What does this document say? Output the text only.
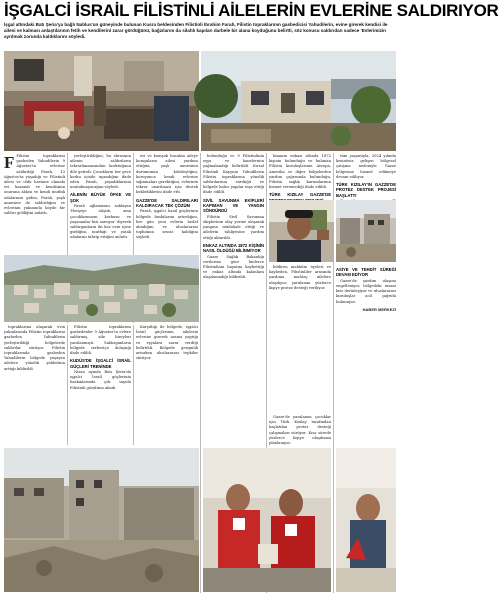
İŞGALCİ İSRAİL FİLİSTİNLİ AİLELERİN EVLERİNE SALDIRIYOR
İşgal altındaki Batı Şeria'ya bağlı Nablus'un güneyinde bulunan Kusra beldesinden Filistinli Ibrahim Farah, Filistin topraklarının gasbedicisi Yahudilerin, evine girerek kendisi ile ailesi ve kalması anlaştılarının fetih ve kendilerini zarar gördüğünü, bağzılarını da silahlı kapıları darbele bir alana koyduğunu belirtti, söz konusu saldırıdan sadece 'Evlerimizin ayrılmak zorunda kaldıklarını söyledi.

F Filistin topraklarını gasbeden Yahudilerin 9 Ağustos'ta evlerine saldırdığı Farah, 13 Ağustos'ta yaşadığı ve Filistinli ailesi ve oldu hastane olanakı evi kazandı ve kendisinin onuruna ablası ve kendi mutfak odalarının giden, Farah, yaşlı annesine de saldırdığını ve evlerinin yakınında köyde bir saldırı geldiğini anlattı.

yerleştirildiğini, bu ekrasının ailenin saldırıların tekrarlanmasından korktuğunu dile getirdi. Çocukların her gece korku içinde uyandığını ifade eden Farah, yaşadıklarının unutulmayacağını söyledi.

AİLENİN BÜYÜK ÖFKE VE ŞOK

Farah ağlamasını saklayan 'Herşeye alıştık, ama çocuklarımızın korkusu ve yaşananlar bizi sarsıyor' diyerek saldırganların iki kez evin içine girdiğini, mutfağı ve yatak odalarını tahrip ettiğini anlattı.

evi ve komşuk bucakta aileye komşuların ailesi yardımı ettiğini, yaşlı annesinin durumunun kötüleştiğini, koruyunca kendi evlerine sığınmaları gerektiğini, evlerinin tekrar onarılması için destek beklediklerini ifade etti.

GAZZE'DE SALDIRILARI KALDIRACAK TEK ÇÖZÜM

Farah, işgalci İsrail güçlerinin bölgede baskılarını artırdığını, her gün yeni evlerin hedef alındığını ve uluslararası toplumun sessiz kaldığını söyledi.

bulunduğu ve 9 Filistinlinin eşya ve hanelerinin yağmalandığı belirtildi. Kırsal Filistinli Kayyum Yahudilerin Filistin topraklarına yönelik saldırılarının sürdüğü ve bölgede kalıcı yapılar inşa ettiği ifade edildi.

SİVİL SAVUNMA EKİPLERİ KAPIMAN VE YANGIN SÖNDÜRDÜ

Filistin Sivil Savunma ekiplerinin olay yerine ulaşarak yangına müdahale ettiği ve ailelerin tahliyesine yardım ettiği aktarıldı.

ENKAZ ALTINDA 1872 KİŞİNİN NASIL ÖLDÜĞÜ BİLİNMİYOR

Gazze Sağlık Bakanlığı verilerine göre binlerce Filistinlinin hayatını kaybettiği ve enkaz altında kalanlara ulaşılamadığı bildirildi.

binanın enkazı altında 1872 kişinin bulunduğu ve bulunan Filistin kuruluşlarının Avrupa, Amerika ve diğer bölgelerden yardım çağrısında bulunduğu, Filistin sağlık kurumlarının hizmet veremediği ifade edildi.

TÜRK KIZILAY GAZZE'DE

tüm yaşantıyla, 2024 yılında kesintisiz gelişen bölgesel çatışma nedeniyle Gazze bölgesine hizmet edilmeye devam ediliyor.

TÜRK KIZILAY'IN GAZZE'DE PROTEZ DESTEK PROJESİ BAŞLATTI

bildiren mahkûm üyeleri ve kaybeden, Filistinliler arasında yardıma muhtaç ailelere ulaşılıyor, yaralanan yüzlerce kişiye protez desteği veriliyor.

ASİYE VE TEHDİT SÜREĞİ DEVAM EDİYOR

Gazze'de yardım ulaşımı engelleniyor, bölgedeki insani kriz derinleşiyor ve uluslararası kuruluşlar acil çağrıda bulunuyor.

HABER MERKEZİ

topraklarına ulaşarak evin yakınlarında Filistin topraklarını gasbeden Yahudilerin yerleştirildiği bölgelerde saldırılar sürüyor. Filistin topraklarında gasbeden Yahudilerin bölgede yaşayan ailelere yönelik şiddetinin arttığı bildirildi.

Filistin topraklarını gasbedenler 9 Ağustos'ta evlere saldırmış, aile bireyleri yaralanmıştı. Saldırganların bölgede serbestçe dolaştığı ifade edildi.

KUDÜS'DE İŞGALCİ İSRAİL GÜÇLERİ TRENİNDE

Nisan ayında Batı Şeria'da işgalci İsrail güçlerinin baskınlarında çok sayıda Filistinli gözaltına alındı.

Karşıtlığı ile bölgede, işgalci İsrail güçlerinin ailelerin evlerine girerek arama yaptığı ve eşyalara zarar verdiği belirtildi. Bölgede gerginlik artarken uluslararası tepkiler sürüyor.

Gazze'de yaralanan çocuklar için Türk Kızılay tarafından başlatılan protez desteği çalışmaları sürüyor. Kısa sürede yüzlerce kişiye ulaşılması planlanıyor.
